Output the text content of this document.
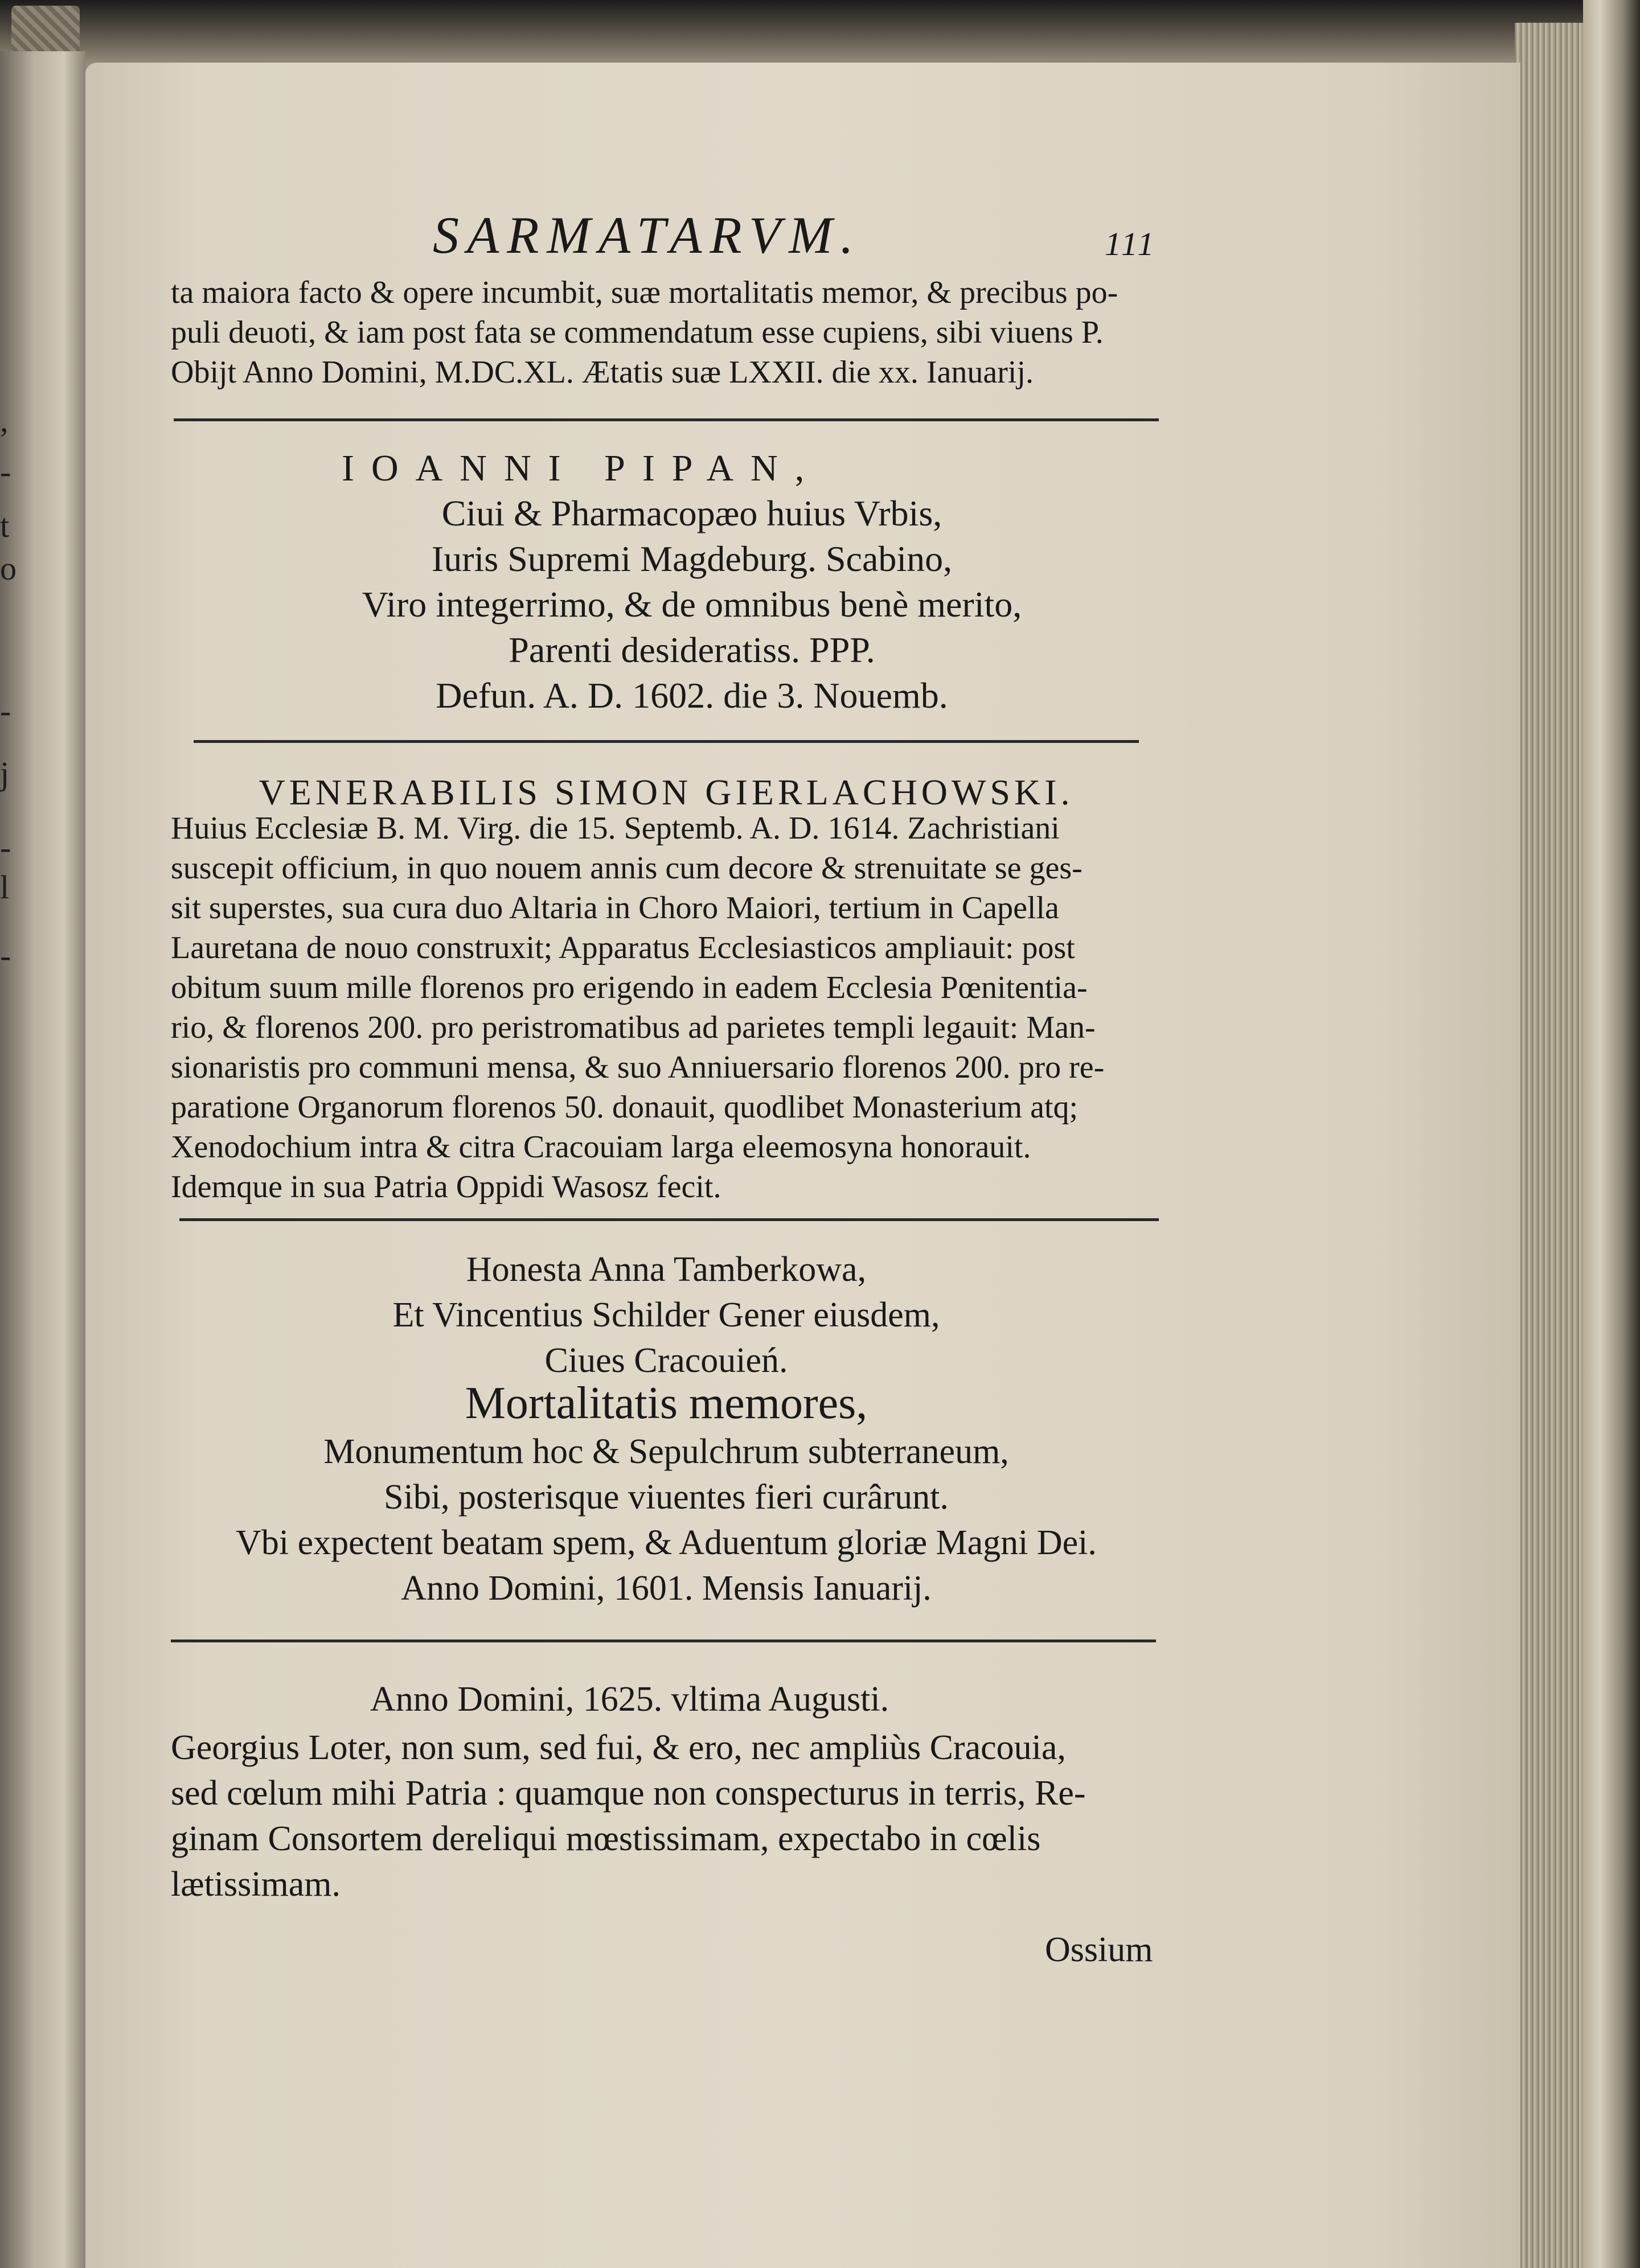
,
-
t
o
-
j
-
l
-
SARMATARVM.	111
ta maiora facto & opere incumbit, suæ mortalitatis memor, & precibus po-
puli deuoti, & iam post fata se commendatum esse cupiens, sibi viuens P.
Obijt Anno Domini, M.DC.XL. Ætatis suæ LXXII. die xx. Ianuarij.
IOANNI PIPAN,
Ciui & Pharmacopæo huius Vrbis,
Iuris Supremi Magdeburg. Scabino,
Viro integerrimo, & de omnibus benè merito,
Parenti desideratiss. PPP.
Defun. A. D. 1602. die 3. Nouemb.
VENERABILIS SIMON GIERLACHOWSKI.

Huius Ecclesiæ B. M. Virg. die 15. Septemb. A. D. 1614. Zachristiani

suscepit officium, in quo nouem annis cum decore & strenuitate se ges-

sit superstes, sua cura duo Altaria in Choro Maiori, tertium in Capella

Lauretana de nouo construxit; Apparatus Ecclesiasticos ampliauit: post

obitum suum mille florenos pro erigendo in eadem Ecclesia Pœnitentia-

rio, & florenos 200. pro peristromatibus ad parietes templi legauit: Man-

sionaristis pro communi mensa, & suo Anniuersario florenos 200. pro re-

paratione Organorum florenos 50. donauit, quodlibet Monasterium atq;

Xenodochium intra & citra Cracouiam larga eleemosyna honorauit.

Idemque in sua Patria Oppidi Wasosz fecit.

Honesta Anna Tamberkowa,
Et Vincentius Schilder Gener eiusdem,
Ciues Cracouień.
Mortalitatis memores,
Monumentum hoc & Sepulchrum subterraneum,
Sibi, posterisque viuentes fieri curârunt.
Vbi expectent beatam spem, & Aduentum gloriæ Magni Dei.
Anno Domini, 1601. Mensis Ianuarij.
Anno Domini, 1625. vltima Augusti.
Georgius Loter, non sum, sed fui, & ero, nec ampliùs Cracouia,
sed cœlum mihi Patria : quamque non conspecturus in terris, Re-
ginam Consortem dereliqui mœstissimam, expectabo in cœlis
lætissimam.
Ossium
